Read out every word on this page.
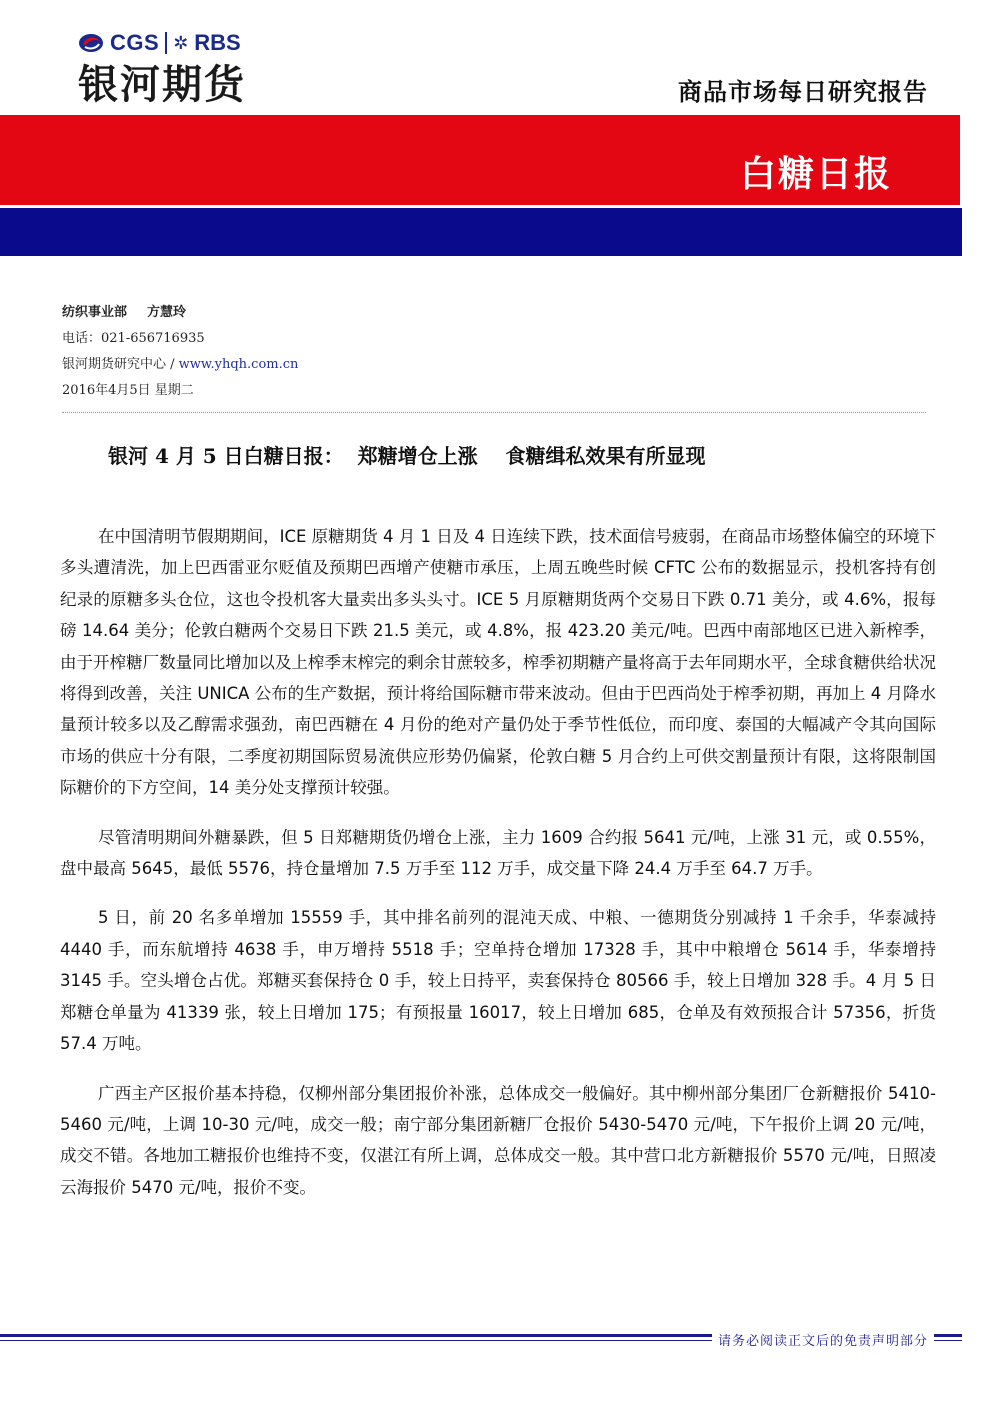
CGS ✲ RBS
银河期货	商品市场每日研究报告
白糖日报
纺织事业部 方慧玲
电话：021-656716935
银河期货研究中心 / www.yhqh.com.cn
2016年4月5日 星期二
银河 4 月 5 日白糖日报：  郑糖增仓上涨    食糖缉私效果有所显现

在中国清明节假期期间，ICE 原糖期货 4 月 1 日及 4 日连续下跌，技术面信号疲弱，在商品市场整体偏空的环境下多头遭清洗，加上巴西雷亚尔贬值及预期巴西增产使糖市承压，上周五晚些时候 CFTC 公布的数据显示，投机客持有创纪录的原糖多头仓位，这也令投机客大量卖出多头头寸。ICE 5 月原糖期货两个交易日下跌 0.71 美分，或 4.6%，报每磅 14.64 美分；伦敦白糖两个交易日下跌 21.5 美元，或 4.8%，报 423.20 美元/吨。巴西中南部地区已进入新榨季，由于开榨糖厂数量同比增加以及上榨季末榨完的剩余甘蔗较多，榨季初期糖产量将高于去年同期水平，全球食糖供给状况将得到改善，关注 UNICA 公布的生产数据，预计将给国际糖市带来波动。但由于巴西尚处于榨季初期，再加上 4 月降水量预计较多以及乙醇需求强劲，南巴西糖在 4 月份的绝对产量仍处于季节性低位，而印度、泰国的大幅减产令其向国际市场的供应十分有限，二季度初期国际贸易流供应形势仍偏紧，伦敦白糖 5 月合约上可供交割量预计有限，这将限制国际糖价的下方空间，14 美分处支撑预计较强。

尽管清明期间外糖暴跌，但 5 日郑糖期货仍增仓上涨，主力 1609 合约报 5641 元/吨，上涨 31 元，或 0.55%，盘中最高 5645，最低 5576，持仓量增加 7.5 万手至 112 万手，成交量下降 24.4 万手至 64.7 万手。

5 日，前 20 名多单增加 15559 手，其中排名前列的混沌天成、中粮、一德期货分别减持 1 千余手，华泰减持 4440 手，而东航增持 4638 手，申万增持 5518 手；空单持仓增加 17328 手，其中中粮增仓 5614 手，华泰增持 3145 手。空头增仓占优。郑糖买套保持仓 0 手，较上日持平，卖套保持仓 80566 手，较上日增加 328 手。4 月 5 日郑糖仓单量为 41339 张，较上日增加 175；有预报量 16017，较上日增加 685，仓单及有效预报合计 57356，折货 57.4 万吨。

广西主产区报价基本持稳，仅柳州部分集团报价补涨，总体成交一般偏好。其中柳州部分集团厂仓新糖报价 5410-5460 元/吨，上调 10-30 元/吨，成交一般；南宁部分集团新糖厂仓报价 5430-5470 元/吨，下午报价上调 20 元/吨，成交不错。各地加工糖报价也维持不变，仅湛江有所上调，总体成交一般。其中营口北方新糖报价 5570 元/吨，日照凌云海报价 5470 元/吨，报价不变。

请务必阅读正文后的免责声明部分
